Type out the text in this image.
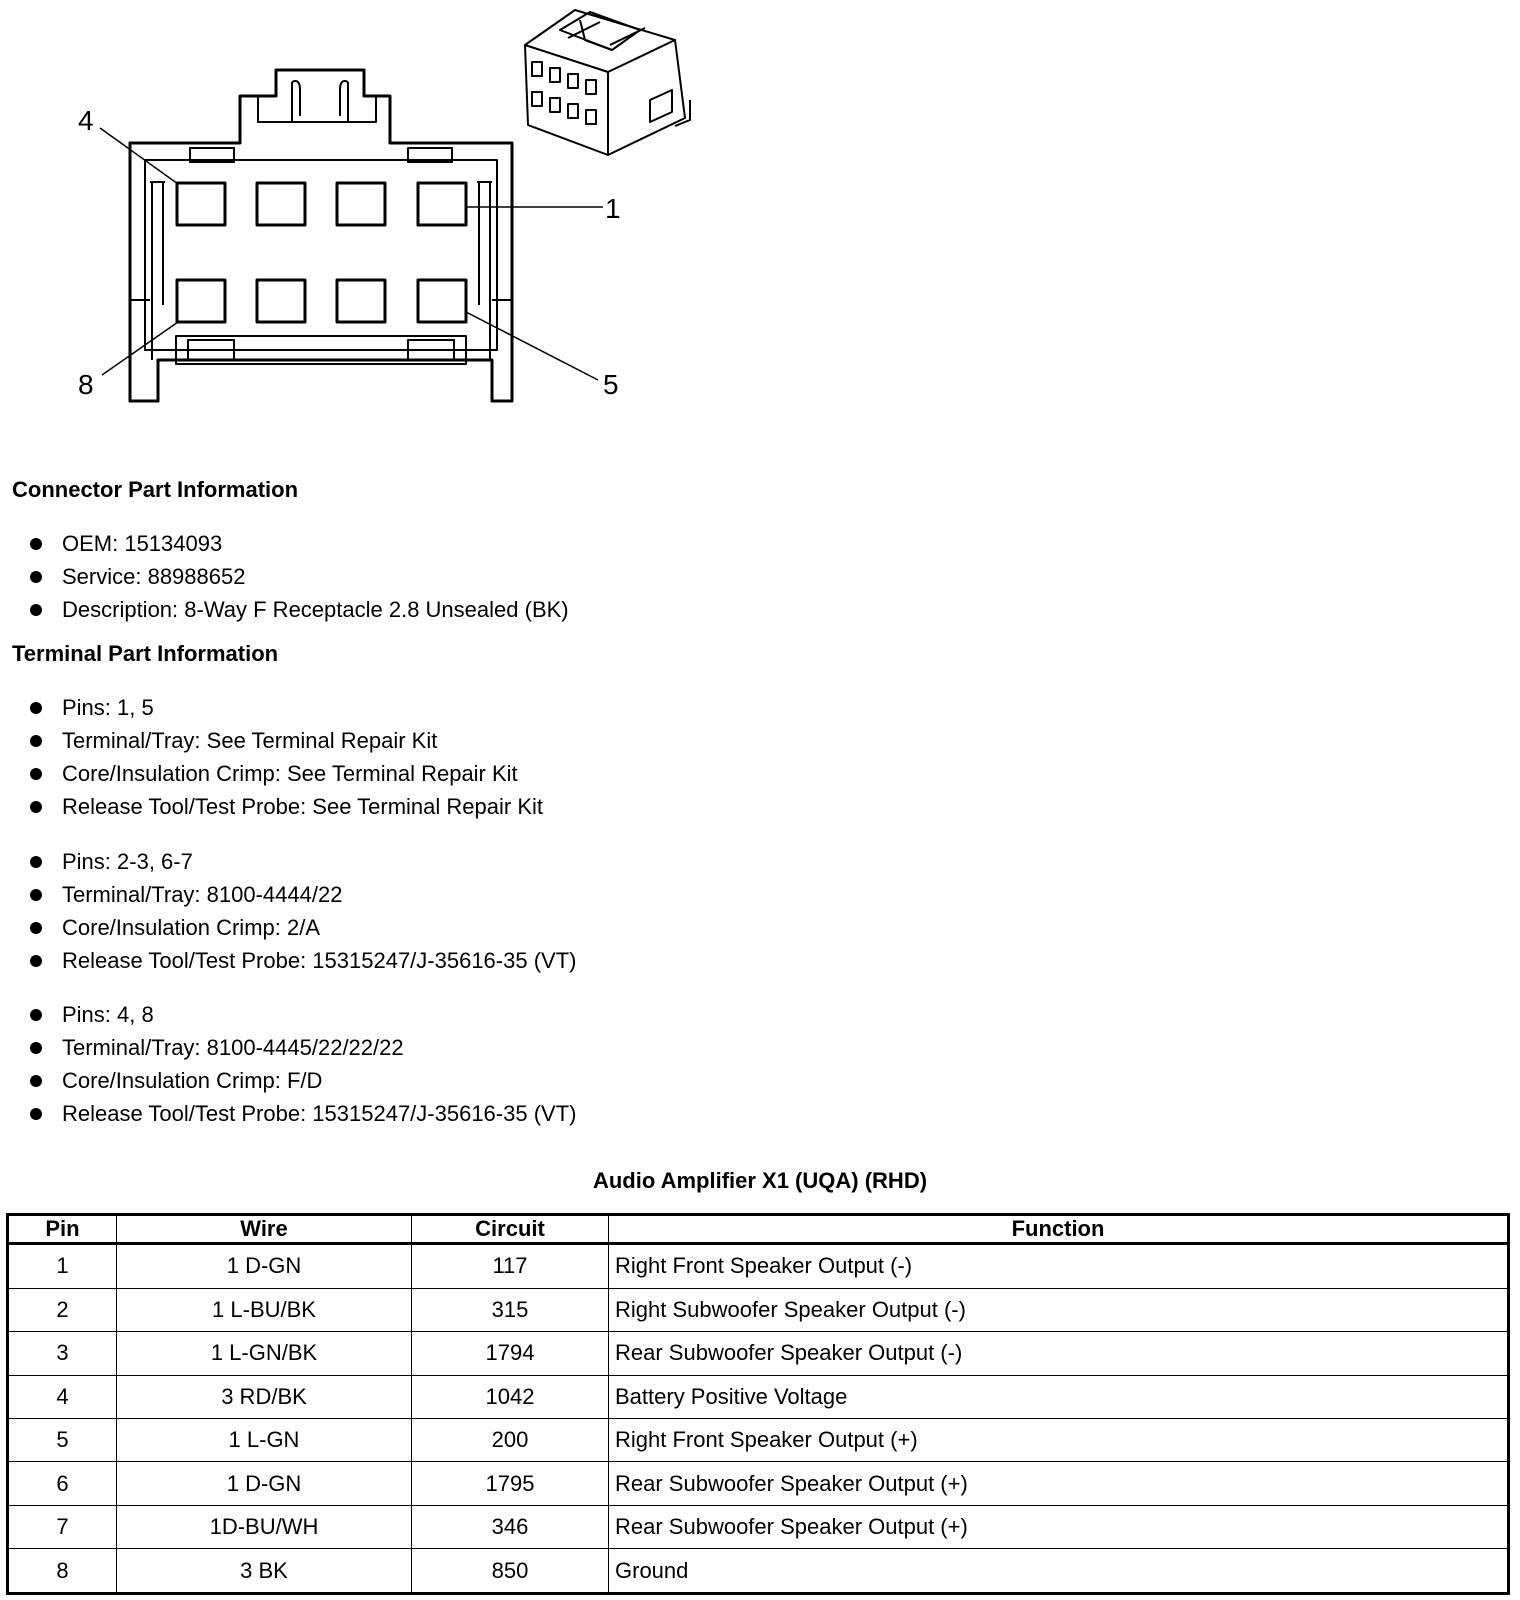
4
1
8	5
Connector Part Information
OEM: 15134093
Service: 88988652
Description: 8-Way F Receptacle 2.8 Unsealed (BK)
Terminal Part Information
Pins: 1, 5
Terminal/Tray: See Terminal Repair Kit
Core/Insulation Crimp: See Terminal Repair Kit
Release Tool/Test Probe: See Terminal Repair Kit
Pins: 2-3, 6-7
Terminal/Tray: 8100-4444/22
Core/Insulation Crimp: 2/A
Release Tool/Test Probe: 15315247/J-35616-35 (VT)
Pins: 4, 8
Terminal/Tray: 8100-4445/22/22/22
Core/Insulation Crimp: F/D
Release Tool/Test Probe: 15315247/J-35616-35 (VT)
Audio Amplifier X1 (UQA) (RHD)
Pin	Wire	Circuit	Function
1	1 D-GN	117	Right Front Speaker Output (-)
2	1 L-BU/BK	315	Right Subwoofer Speaker Output (-)
3	1 L-GN/BK	1794	Rear Subwoofer Speaker Output (-)
4	3 RD/BK	1042	Battery Positive Voltage
5	1 L-GN	200	Right Front Speaker Output (+)
6	1 D-GN	1795	Rear Subwoofer Speaker Output (+)
7	1D-BU/WH	346	Rear Subwoofer Speaker Output (+)
8	3 BK	850	Ground
